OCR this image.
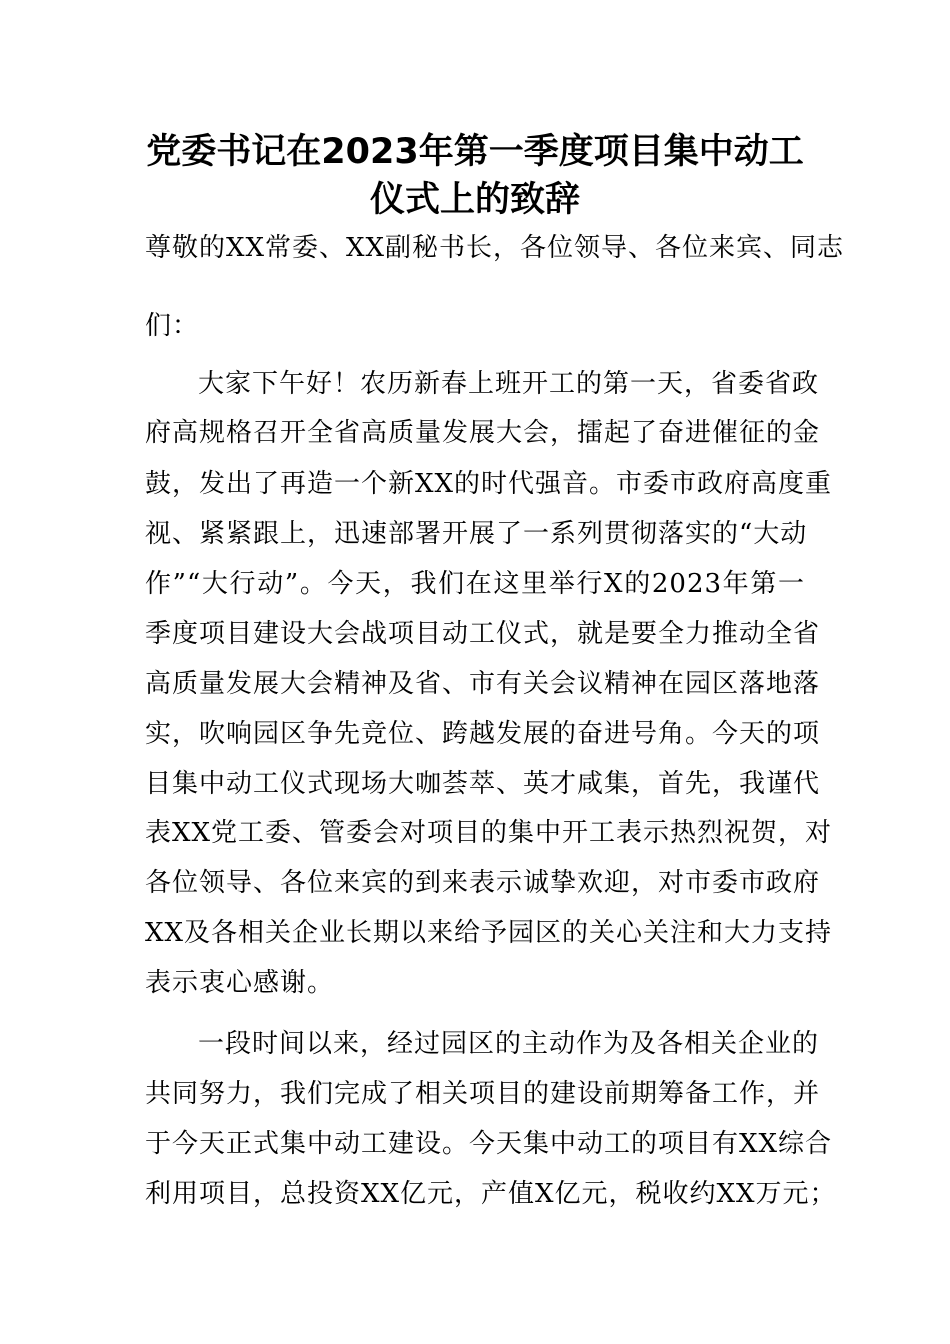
党委书记在2023年第一季度项目集中动工
仪式上的致辞

尊敬的XX常委、XX副秘书长，各位领导、各位来宾、同志

们：

大家下午好！农历新春上班开工的第一天，省委省政

府高规格召开全省高质量发展大会，擂起了奋进催征的金

鼓，发出了再造一个新XX的时代强音。市委市政府高度重

视、紧紧跟上，迅速部署开展了一系列贯彻落实的“大动

作”“大行动”。今天，我们在这里举行X的2023年第一

季度项目建设大会战项目动工仪式，就是要全力推动全省

高质量发展大会精神及省、市有关会议精神在园区落地落

实，吹响园区争先竞位、跨越发展的奋进号角。今天的项

目集中动工仪式现场大咖荟萃、英才咸集，首先，我谨代

表XX党工委、管委会对项目的集中开工表示热烈祝贺，对

各位领导、各位来宾的到来表示诚挚欢迎，对市委市政府

XX及各相关企业长期以来给予园区的关心关注和大力支持

表示衷心感谢。

一段时间以来，经过园区的主动作为及各相关企业的

共同努力，我们完成了相关项目的建设前期筹备工作，并

于今天正式集中动工建设。今天集中动工的项目有XX综合

利用项目，总投资XX亿元，产值X亿元，税收约XX万元；
